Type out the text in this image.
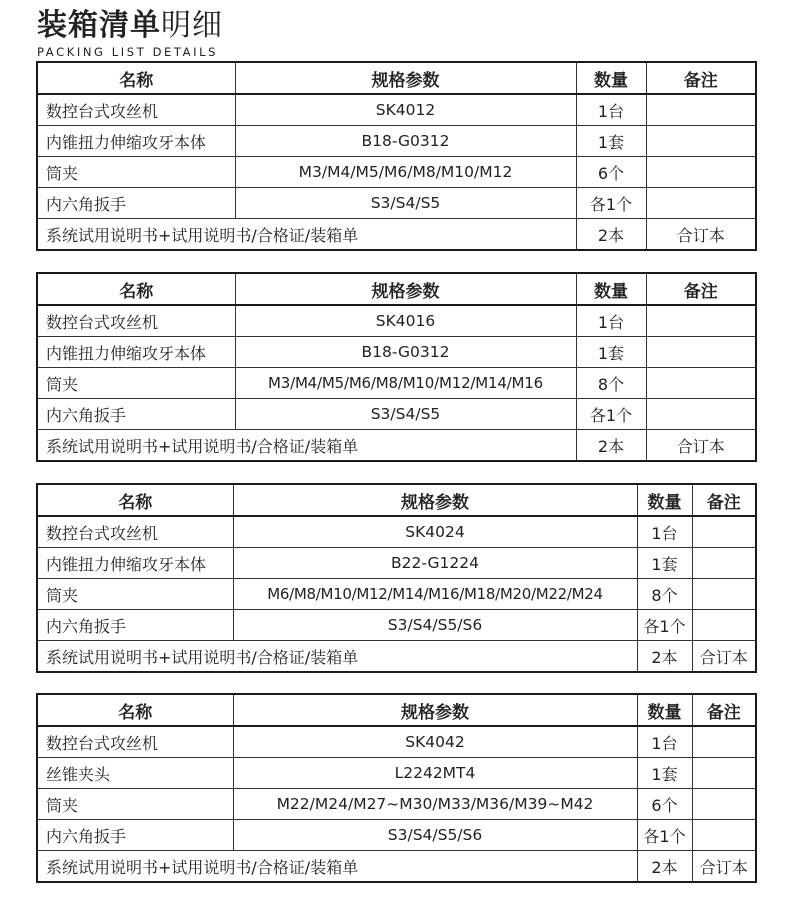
装箱清单明细
PACKING LIST DETAILS
名称	规格参数	数量	备注
数控台式攻丝机	SK4012	1台	
内锥扭力伸缩攻牙本体	B18-G0312	1套	
筒夹	M3/M4/M5/M6/M8/M10/M12	6个	
内六角扳手	S3/S4/S5	各1个	
系统试用说明书+试用说明书/合格证/装箱单		2本	合订本
名称	规格参数	数量	备注
数控台式攻丝机	SK4016	1台	
内锥扭力伸缩攻牙本体	B18-G0312	1套	
筒夹	M3/M4/M5/M6/M8/M10/M12/M14/M16	8个	
内六角扳手	S3/S4/S5	各1个	
系统试用说明书+试用说明书/合格证/装箱单		2本	合订本
名称	规格参数	数量	备注
数控台式攻丝机	SK4024	1台	
内锥扭力伸缩攻牙本体	B22-G1224	1套	
筒夹	M6/M8/M10/M12/M14/M16/M18/M20/M22/M24	8个	
内六角扳手	S3/S4/S5/S6	各1个	
系统试用说明书+试用说明书/合格证/装箱单		2本	合订本
名称	规格参数	数量	备注
数控台式攻丝机	SK4042	1台	
丝锥夹头	L2242MT4	1套	
筒夹	M22/M24/M27~M30/M33/M36/M39~M42	6个	
内六角扳手	S3/S4/S5/S6	各1个	
系统试用说明书+试用说明书/合格证/装箱单		2本	合订本
